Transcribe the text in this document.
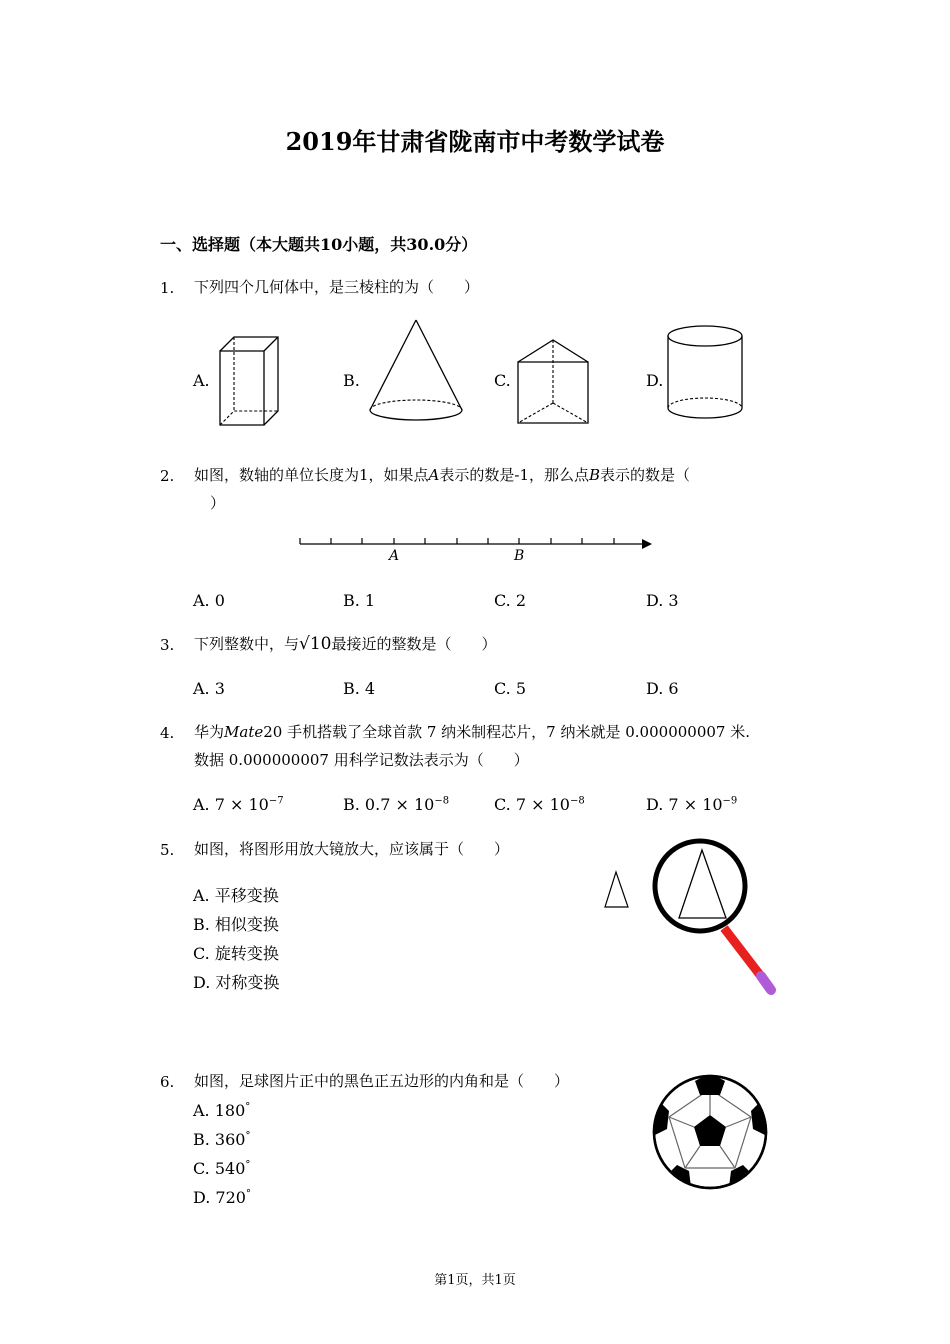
2019年甘肃省陇南市中考数学试卷
一、选择题（本大题共10小题，共30.0分）
1. 下列四个几何体中，是三棱柱的为（　　）
A.	B.	C.	D.
2. 如图，数轴的单位长度为1，如果点A表示的数是-1，那么点B表示的数是（
）
A	B
A. 0	B. 1	C. 2	D. 3
3. 下列整数中，与√10最接近的整数是（　　）
A. 3	B. 4	C. 5	D. 6
4. 华为Mate20 手机搭载了全球首款 7 纳米制程芯片，7 纳米就是 0.000000007 米.
数据 0.000000007 用科学记数法表示为（　　）
A. $7 \times 10^{-7}$	B. $0.7 \times 10^{-8}$	C. $7 \times 10^{-8}$	D. $7 \times 10^{-9}$
5. 如图，将图形用放大镜放大，应该属于（　　）
A. 平移变换
B. 相似变换
C. 旋转变换
D. 对称变换
6. 如图，足球图片正中的黑色正五边形的内角和是（　　）
A. 180°
B. 360°
C. 540°
D. 720°
第1页，共1页
